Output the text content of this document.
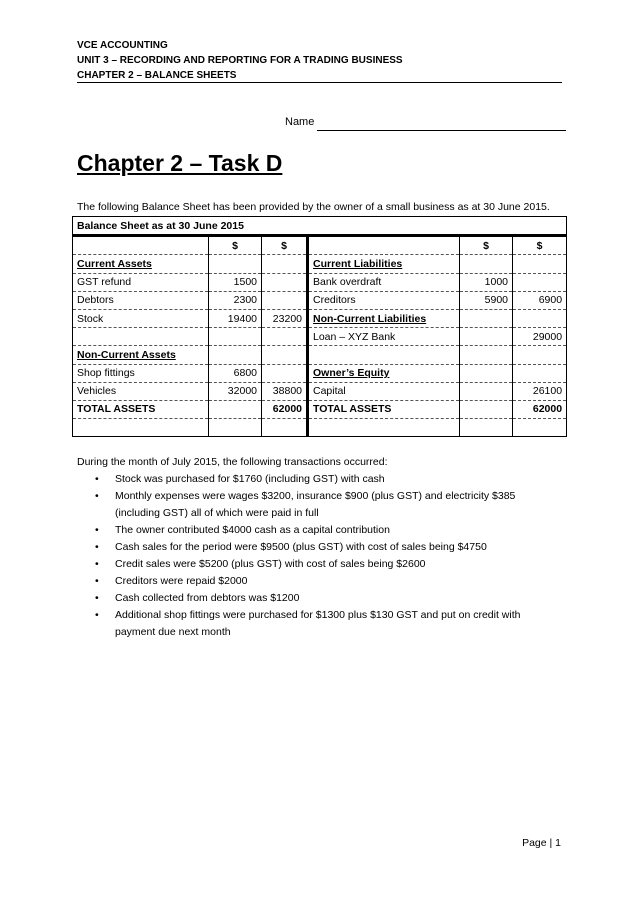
VCE ACCOUNTING
UNIT 3 – RECORDING AND REPORTING FOR A TRADING BUSINESS
CHAPTER 2 – BALANCE SHEETS
Name
Chapter 2 – Task D
The following Balance Sheet has been provided by the owner of a small business as at 30 June 2015.
Balance Sheet as at 30 June 2015					
	$	$		$	$
Current Assets			Current Liabilities		
GST refund	1500		Bank overdraft	1000	
Debtors	2300		Creditors	5900	6900
Stock	19400	23200	Non-Current Liabilities		
			Loan – XYZ Bank		29000
Non-Current Assets					
Shop fittings	6800		Owner’s Equity		
Vehicles	32000	38800	Capital		26100
TOTAL ASSETS		62000	TOTAL ASSETS		62000

During the month of July 2015, the following transactions occurred:
• Stock was purchased for $1760 (including GST) with cash
• Monthly expenses were wages $3200, insurance $900 (plus GST) and electricity $385 (including GST) all of which were paid in full
• The owner contributed $4000 cash as a capital contribution
• Cash sales for the period were $9500 (plus GST) with cost of sales being $4750
• Credit sales were $5200 (plus GST) with cost of sales being $2600
• Creditors were repaid $2000
• Cash collected from debtors was $1200
• Additional shop fittings were purchased for $1300 plus $130 GST and put on credit with payment due next month
Page | 1
